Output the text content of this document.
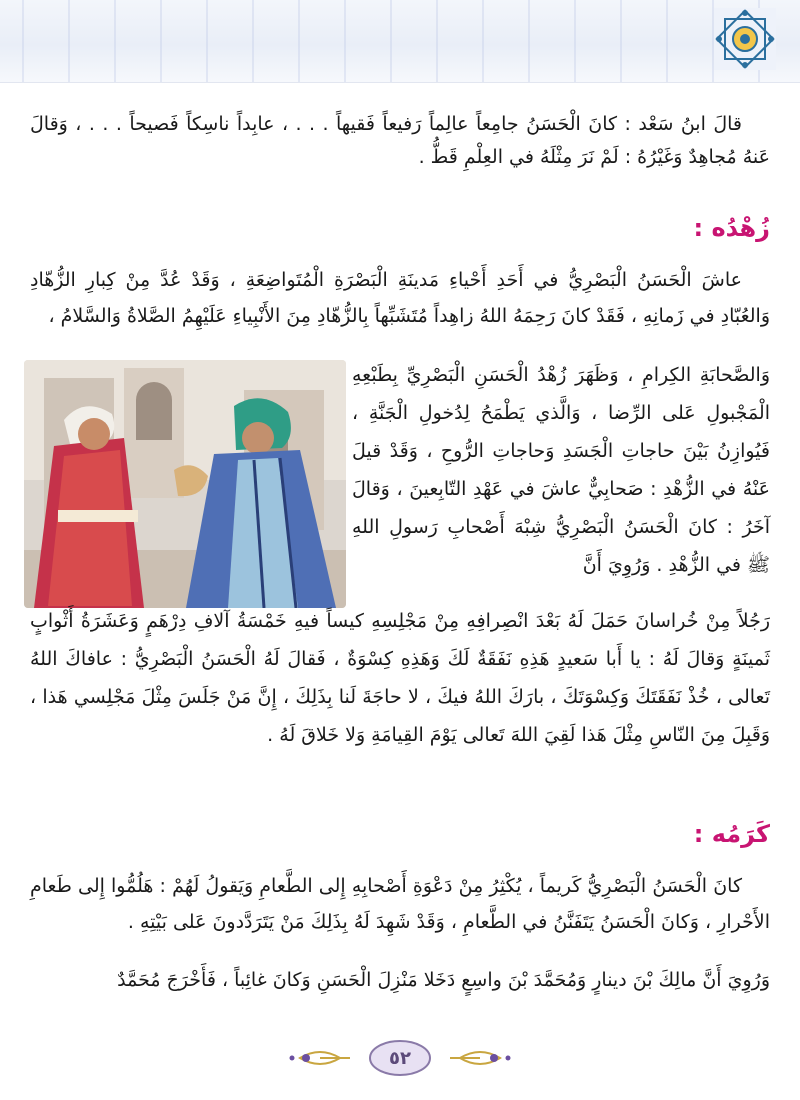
قالَ ابنُ سَعْد : كانَ الْحَسَنُ جامِعاً عالِماً رَفيعاً فَقيهاً . . . ، عابِداً ناسِكاً فَصيحاً . . . ، وَقالَ عَنهُ مُجاهِدٌ وَغَيْرُهُ : لَمْ نَرَ مِثْلَهُ في العِلْمِ قَطُّ .
زُهْدُه :
عاشَ الْحَسَنُ الْبَصْرِيُّ في أَحَدِ أَحْياءِ مَدينَةِ الْبَصْرَةِ الْمُتَواضِعَةِ ، وَقَدْ عُدَّ مِنْ كِبارِ الزُّهّادِ وَالعُبّادِ في زَمانِهِ ، فَقَدْ كانَ رَحِمَهُ اللهُ زاهِداً مُتَشَبِّهاً بِالزُّهّادِ مِنَ الأَنْبِياءِ عَلَيْهِمُ الصَّلاةُ وَالسَّلامُ ،
وَالصَّحابَةِ الكِرامِ ، وَظَهَرَ زُهْدُ الْحَسَنِ الْبَصْرِيِّ بِطَبْعِهِ الْمَجْبولِ عَلى الرِّضا ، وَالَّذي يَطْمَحُ لِدُخولِ الْجَنَّةِ ، فَيُوازِنُ بَيْنَ حاجاتِ الْجَسَدِ وَحاجاتِ الرُّوحِ ، وَقَدْ قيلَ عَنْهُ في الزُّهْدِ : صَحابِيٌّ عاشَ في عَهْدِ التّابِعينَ ، وَقالَ آخَرُ : كانَ الْحَسَنُ الْبَصْرِيُّ شِبْهَ أَصْحابِ رَسولِ اللهِ ﷺ في الزُّهْدِ . وَرُوِيَ أَنَّ
رَجُلاً مِنْ خُراسانَ حَمَلَ لَهُ بَعْدَ انْصِرافِهِ مِنْ مَجْلِسِهِ كيساً فيهِ خَمْسَةُ آلافِ دِرْهَمٍ وَعَشَرَةُ أَثْوابٍ ثَمينَةٍ وَقالَ لَهُ : يا أَبا سَعيدٍ هَذِهِ نَفَقَةٌ لَكَ وَهَذِهِ كِسْوَةٌ ، فَقالَ لَهُ الْحَسَنُ الْبَصْرِيُّ : عافاكَ اللهُ تَعالى ، خُذْ نَفَقَتَكَ وَكِسْوَتَكَ ، بارَكَ اللهُ فيكَ ، لا حاجَةَ لَنا بِذَلِكَ ، إِنَّ مَنْ جَلَسَ مِثْلَ مَجْلِسي هَذا ، وَقَبِلَ مِنَ النّاسِ مِثْلَ هَذا لَقِيَ اللهَ تَعالى يَوْمَ القِيامَةِ وَلا خَلاقَ لَهُ .
كَرَمُه :
كانَ الْحَسَنُ الْبَصْرِيُّ كَريماً ، يُكْثِرُ مِنْ دَعْوَةِ أَصْحابِهِ إِلى الطَّعامِ وَيَقولُ لَهُمْ : هَلُمُّوا إِلى طَعامِ الأَحْرارِ ، وَكانَ الْحَسَنُ يَتَفَنَّنُ في الطَّعامِ ، وَقَدْ شَهِدَ لَهُ بِذَلِكَ مَنْ يَتَرَدَّدونَ عَلى بَيْتِهِ .
وَرُوِيَ أَنَّ مالِكَ بْنَ دينارٍ وَمُحَمَّدَ بْنَ واسِعٍ دَخَلا مَنْزِلَ الْحَسَنِ وَكانَ غائِباً ، فَأَخْرَجَ مُحَمَّدٌ
٥٢
